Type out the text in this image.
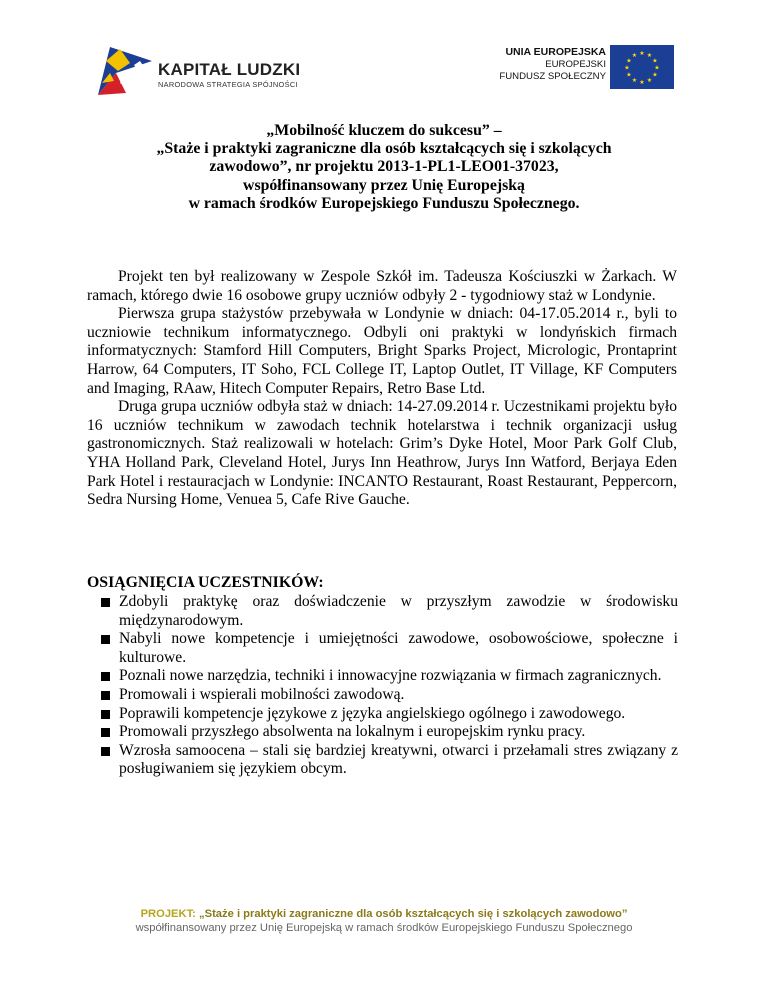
KAPITAŁ LUDZKI
NARODOWA STRATEGIA SPÓJNOŚCI
UNIA EUROPEJSKA
EUROPEJSKI
FUNDUSZ SPOŁECZNY
★ ★
★
★
★
★
★
★
★
★
★
★
„Mobilność kluczem do sukcesu” –
„Staże i praktyki zagraniczne dla osób kształcących się i szkolących
zawodowo”, nr projektu 2013-1-PL1-LEO01-37023,
współfinansowany przez Unię Europejską
w ramach środków Europejskiego Funduszu Społecznego.

Projekt ten był realizowany w Zespole Szkół im. Tadeusza Kościuszki w Żarkach. W ramach, którego dwie 16 osobowe grupy uczniów odbyły 2 - tygodniowy staż w Londynie.

Pierwsza grupa stażystów przebywała w Londynie w dniach: 04-17.05.2014 r., byli to uczniowie technikum informatycznego. Odbyli oni praktyki w londyńskich firmach informatycznych: Stamford Hill Computers, Bright Sparks Project, Micrologic, Prontaprint Harrow, 64 Computers, IT Soho, FCL College IT, Laptop Outlet, IT Village, KF Computers and Imaging, RAaw, Hitech Computer Repairs, Retro Base Ltd.

Druga grupa uczniów odbyła staż w dniach: 14-27.09.2014 r. Uczestnikami projektu było 16 uczniów technikum w zawodach technik hotelarstwa i technik organizacji usług gastronomicznych. Staż realizowali w hotelach: Grim’s Dyke Hotel, Moor Park Golf Club, YHA Holland Park, Cleveland Hotel, Jurys Inn Heathrow, Jurys Inn Watford, Berjaya Eden Park Hotel i restauracjach w Londynie: INCANTO Restaurant, Roast Restaurant, Peppercorn, Sedra Nursing Home, Venuea 5, Cafe Rive Gauche.

OSIĄGNIĘCIA UCZESTNIKÓW:
Zdobyli praktykę oraz doświadczenie w przyszłym zawodzie w środowisku międzynarodowym.
Nabyli nowe kompetencje i umiejętności zawodowe, osobowościowe, społeczne i kulturowe.
Poznali nowe narzędzia, techniki i innowacyjne rozwiązania w firmach zagranicznych.
Promowali i wspierali mobilności zawodową.
Poprawili kompetencje językowe z języka angielskiego ogólnego i zawodowego.
Promowali przyszłego absolwenta na lokalnym i europejskim rynku pracy.
Wzrosła samoocena – stali się bardziej kreatywni, otwarci i przełamali stres związany z posługiwaniem się językiem obcym.
PROJEKT: „Staże i praktyki zagraniczne dla osób kształcących się i szkolących zawodowo”
współfinansowany przez Unię Europejską w ramach środków Europejskiego Funduszu Społecznego
